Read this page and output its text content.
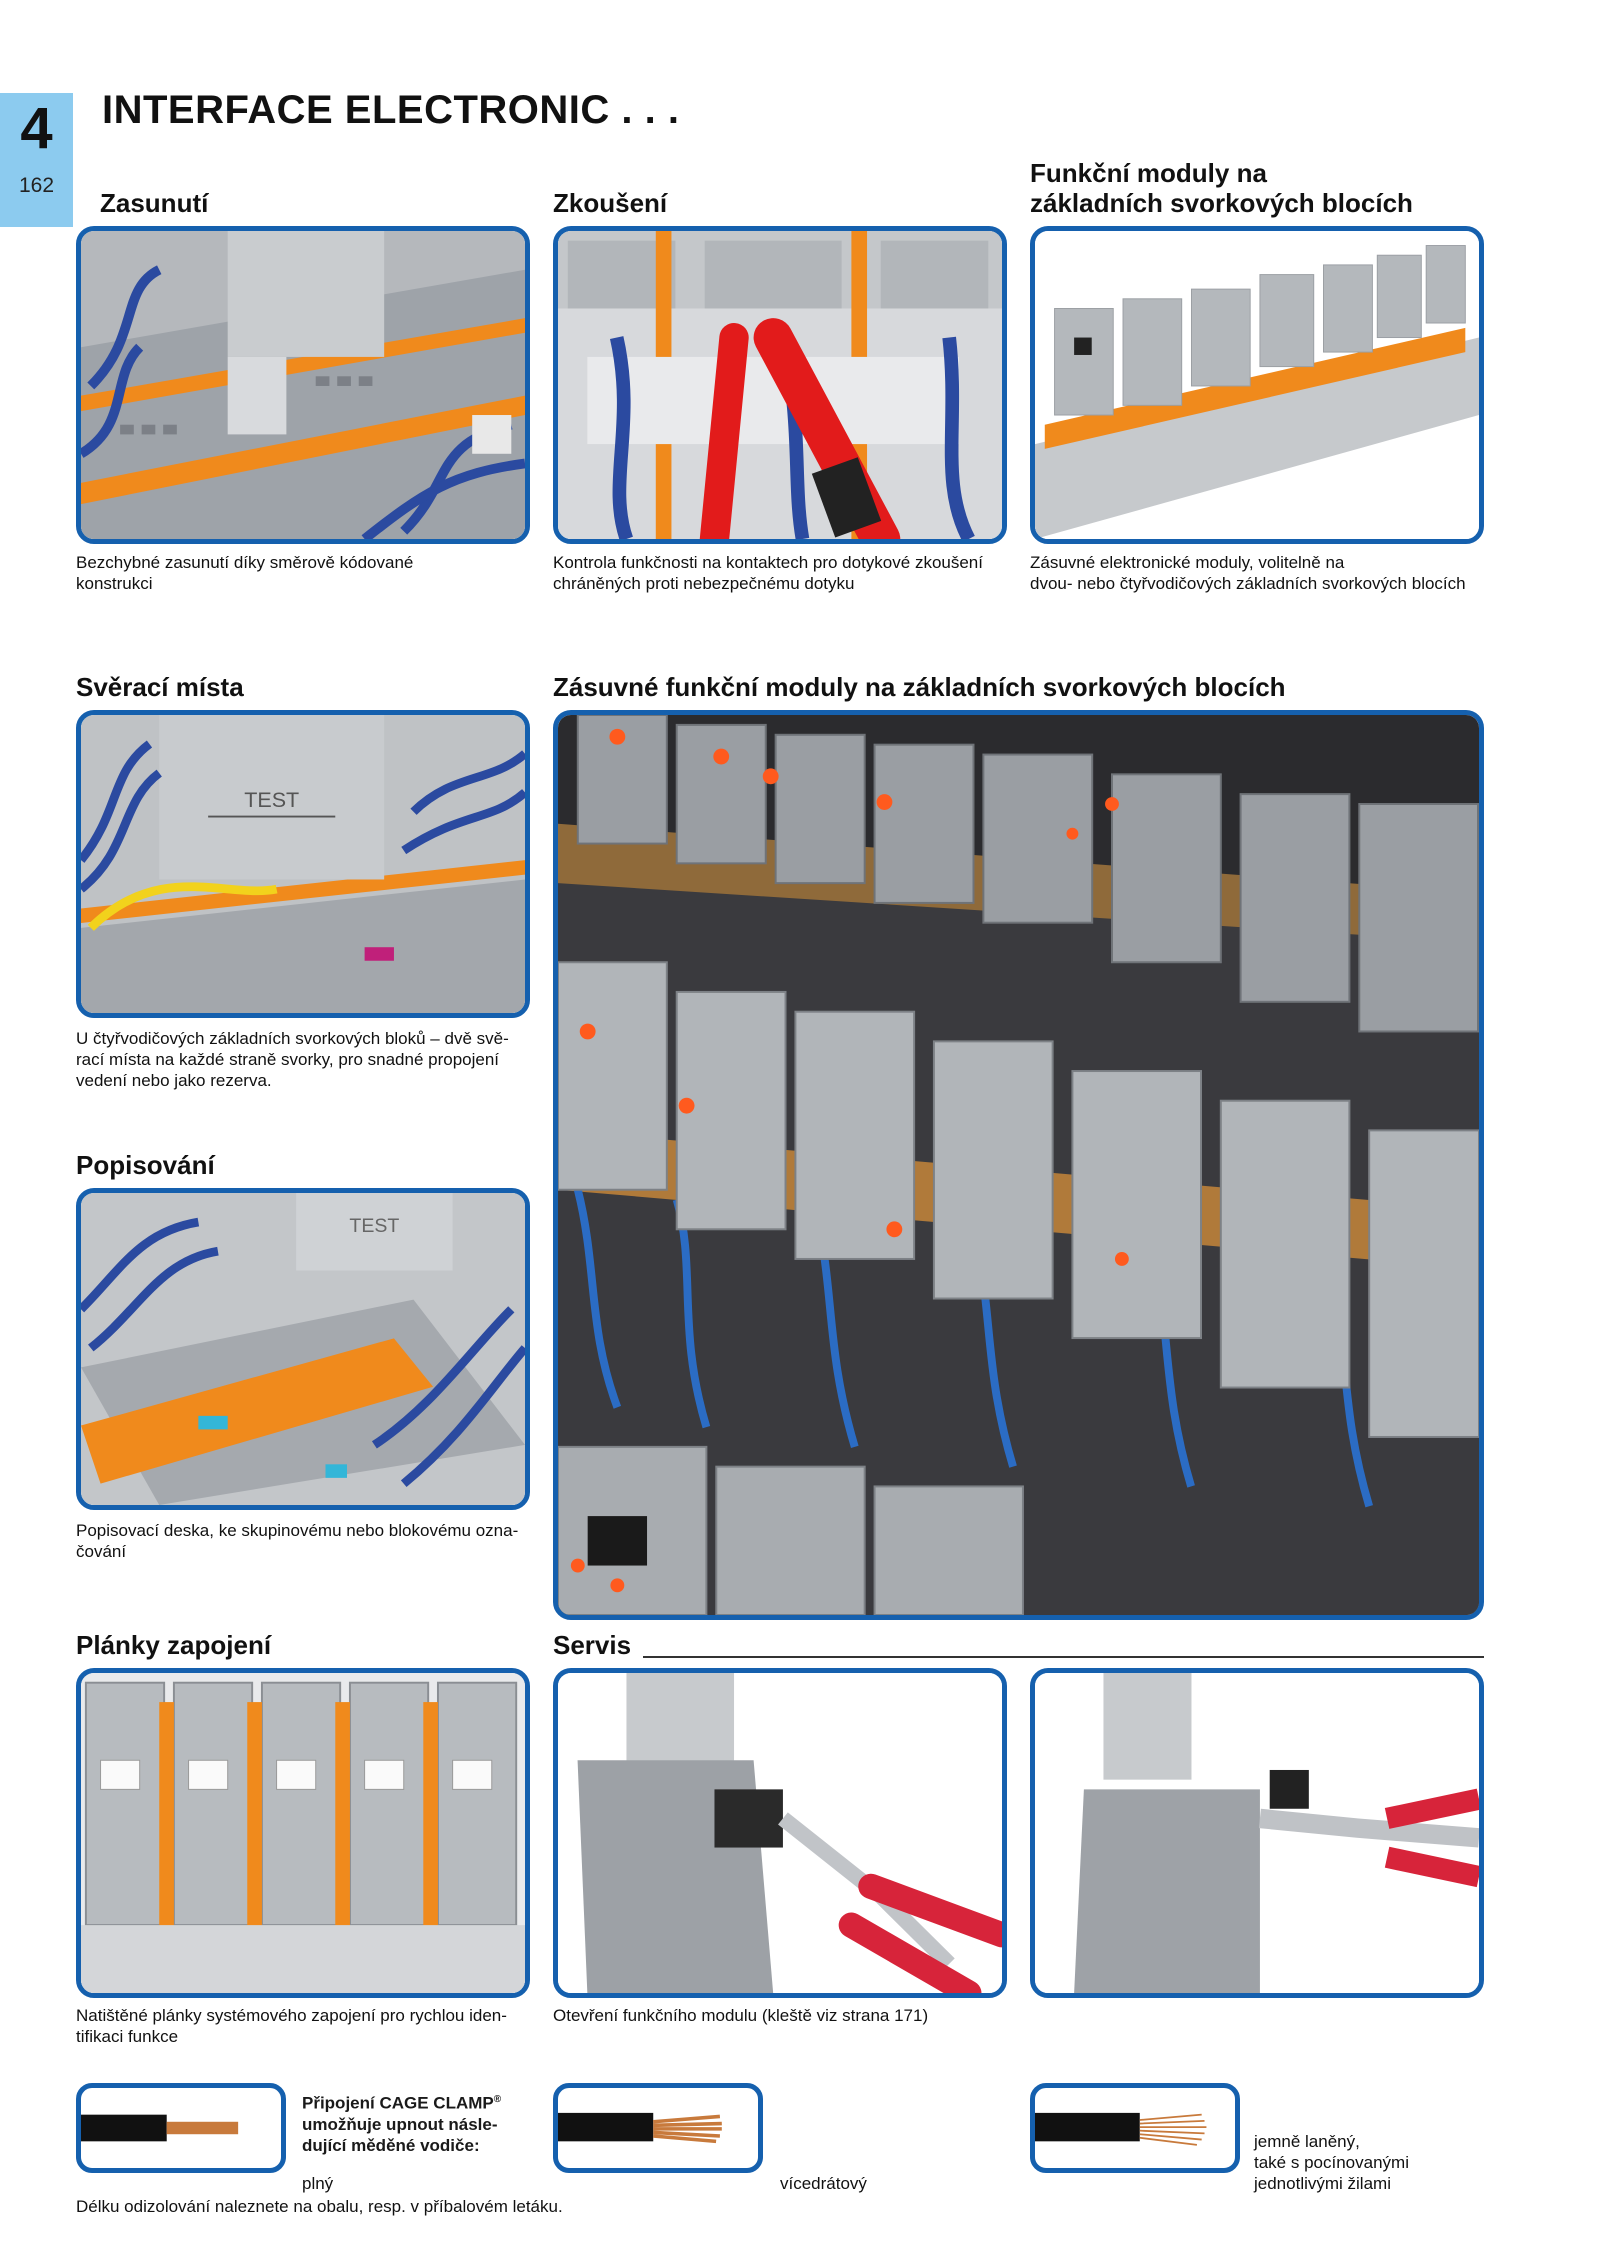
4
162
INTERFACE ELECTRONIC . . .
Zasunutí	Zkoušení
Funkční moduly na
základních svorkových blocích
Bezchybné zasunutí díky směrově kódované
konstrukci
Kontrola funkčnosti na kontaktech pro dotykové zkoušení
chráněných proti nebezpečnému dotyku
Zásuvné elektronické moduly, volitelně na
dvou- nebo čtyřvodičových základních svorkových blocích
Svěrací místa	Zásuvné funkční moduly na základních svorkových blocích
TEST
U čtyřvodičových základních svorkových bloků – dvě svě-
rací místa na každé straně svorky, pro snadné propojení
vedení nebo jako rezerva.
Popisování
TEST
Popisovací deska, ke skupinovému nebo blokovému ozna-
čování
Plánky zapojení	Servis
Natištěné plánky systémového zapojení pro rychlou iden-
tifikaci funkce
Otevření funkčního modulu (kleště viz strana 171)
Připojení CAGE CLAMP®
umožňuje upnout násle-
dující měděné vodiče:
plný	vícedrátový
jemně laněný,
také s pocínovanými
jednotlivými žilami
Délku odizolování naleznete na obalu, resp. v příbalovém letáku.
